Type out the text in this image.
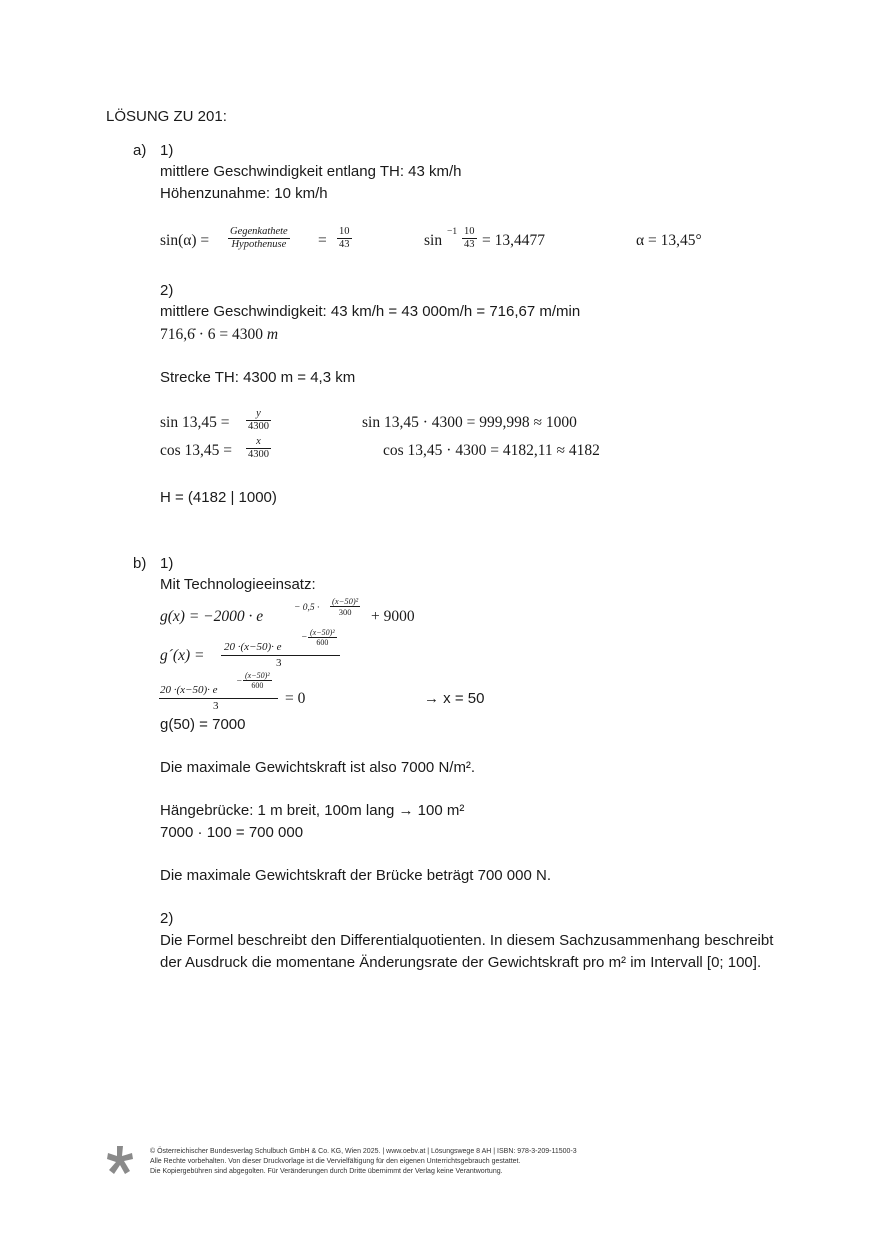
LÖSUNG ZU 201:
a) 1)
mittlere Geschwindigkeit entlang TH: 43 km/h
Höhenzunahme: 10 km/h
sin(α) =
Gegenkathete
Hypothenuse = $\frac{10}{43}$	$\sin -1 \frac{10}{43} = 13,4477$	α = 13,45°
2)
mittlere Geschwindigkeit: 43 km/h = 43 000m/h = 716,67 m/min
716,6̇ · 6 = 4300 m
Strecke TH: 4300 m = 4,3 km
$\sin 13,45 = \frac{y}{4300}$	sin 13,45 · 4300 = 999,998 ≈ 1000
$\cos 13,45 = \frac{x}{4300}$	cos 13,45 · 4300 = 4182,11 ≈ 4182
H = (4182 | 1000)
b) 1)
Mit Technologieeinsatz:
g(x) = −2000 · e	− $0,5 \cdot \frac{\text{(x−50)²}}{300} + 9000$
g´(x) = 20 ·(x−50)· e
− $\frac{\text{(x−50)²}}{600}$
3
20 ·(x−50)· e
− $\frac{\text{(x−50)²}}{600}$
3	= 0	→ x = 50
g(50) = 7000
Die maximale Gewichtskraft ist also 7000 N/m².
Hängebrücke: 1 m breit, 100m lang → 100 m²
7000 · 100 = 700 000
Die maximale Gewichtskraft der Brücke beträgt 700 000 N.
2)
Die Formel beschreibt den Differentialquotienten. In diesem Sachzusammenhang beschreibt
der Ausdruck die momentane Änderungsrate der Gewichtskraft pro m² im Intervall [0; 100].
© Österreichischer Bundesverlag Schulbuch GmbH & Co. KG, Wien 2025. | www.oebv.at | Lösungswege 8 AH | ISBN: 978-3-209-11500-3
Alle Rechte vorbehalten. Von dieser Druckvorlage ist die Vervielfältigung für den eigenen Unterrichtsgebrauch gestattet.
Die Kopiergebühren sind abgegolten. Für Veränderungen durch Dritte übernimmt der Verlag keine Verantwortung.
